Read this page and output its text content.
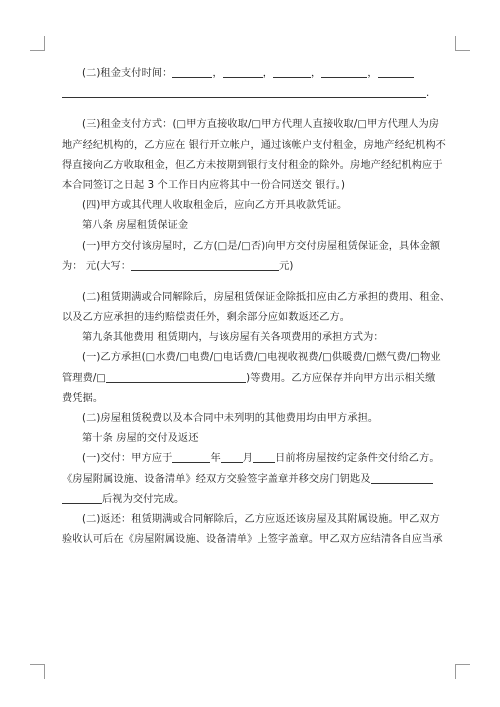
(二)租金支付时间：	，	，	，	，
.
(三)租金支付方式：(□甲方直接收取/□甲方代理人直接收取/□甲方代理人为房
地产经纪机构的，乙方应在 银行开立帐户，通过该帐户支付租金，房地产经纪机构不
得直接向乙方收取租金，但乙方未按期到银行支付租金的除外。房地产经纪机构应于
本合同签订之日起 3 个工作日内应将其中一份合同送交 银行。)
(四)甲方或其代理人收取租金后，应向乙方开具收款凭证。
第八条 房屋租赁保证金
(一)甲方交付该房屋时，乙方(□是/□否)向甲方交付房屋租赁保证金，具体金额
为： 元(大写：	元)
(二)租赁期满或合同解除后，房屋租赁保证金除抵扣应由乙方承担的费用、租金、
以及乙方应承担的违约赔偿责任外，剩余部分应如数返还乙方。
第九条其他费用 租赁期内，与该房屋有关各项费用的承担方式为：
(一)乙方承担(□水费/□电费/□电话费/□电视收视费/□供暖费/□燃气费/□物业
管理费/□	)等费用。乙方应保存并向甲方出示相关缴
费凭据。
(二)房屋租赁税费以及本合同中未列明的其他费用均由甲方承担。
第十条 房屋的交付及返还
(一)交付：甲方应于	年 月 日前将房屋按约定条件交付给乙方。
《房屋附属设施、设备清单》经双方交验签字盖章并移交房门钥匙及
后视为交付完成。
(二)返还：租赁期满或合同解除后，乙方应返还该房屋及其附属设施。甲乙双方
验收认可后在《房屋附属设施、设备清单》上签字盖章。甲乙双方应结清各自应当承
